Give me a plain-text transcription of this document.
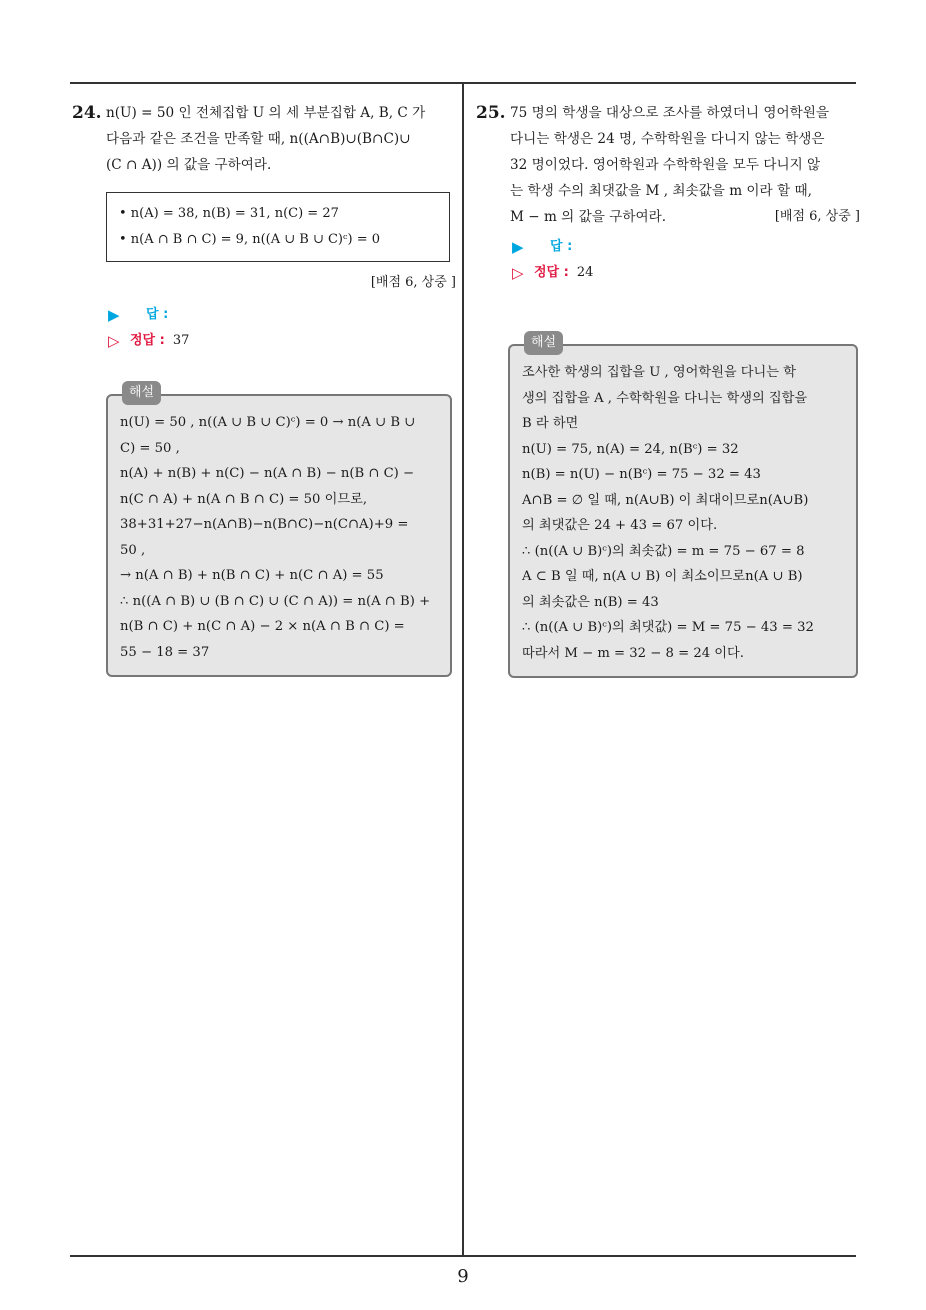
24. n(U) = 50 인 전체집합 U 의 세 부분집합 A, B, C 가
다음과 같은 조건을 만족할 때, n((A∩B)∪(B∩C)∪
(C ∩ A)) 의 값을 구하여라.
• n(A) = 38, n(B) = 31, n(C) = 27
• n(A ∩ B ∩ C) = 9, n((A ∪ B ∪ C)ᶜ) = 0
[배점 6, 상중 ]
▶	답 :
▷ 정답 : 37
n(U) = 50 , n((A ∪ B ∪ C)ᶜ) = 0 → n(A ∪ B ∪
C) = 50 ,
n(A) + n(B) + n(C) − n(A ∩ B) − n(B ∩ C) −
n(C ∩ A) + n(A ∩ B ∩ C) = 50 이므로,
38+31+27−n(A∩B)−n(B∩C)−n(C∩A)+9 =
50 ,
→ n(A ∩ B) + n(B ∩ C) + n(C ∩ A) = 55
∴ n((A ∩ B) ∪ (B ∩ C) ∪ (C ∩ A)) = n(A ∩ B) +
n(B ∩ C) + n(C ∩ A) − 2 × n(A ∩ B ∩ C) =
55 − 18 = 37
해설
25. 75 명의 학생을 대상으로 조사를 하였더니 영어학원을
다니는 학생은 24 명, 수학학원을 다니지 않는 학생은
32 명이었다. 영어학원과 수학학원을 모두 다니지 않
는 학생 수의 최댓값을 M , 최솟값을 m 이라 할 때,
M − m 의 값을 구하여라.	[배점 6, 상중 ]
▶	답 :
▷ 정답 : 24
조사한 학생의 집합을 U , 영어학원을 다니는 학
생의 집합을 A , 수학학원을 다니는 학생의 집합을
B 라 하면
n(U) = 75, n(A) = 24, n(Bᶜ) = 32
n(B) = n(U) − n(Bᶜ) = 75 − 32 = 43
A∩B = ∅ 일 때, n(A∪B) 이 최대이므로n(A∪B)
의 최댓값은 24 + 43 = 67 이다.
∴ (n((A ∪ B)ᶜ)의 최솟값) = m = 75 − 67 = 8
A ⊂ B 일 때, n(A ∪ B) 이 최소이므로n(A ∪ B)
의 최솟값은 n(B) = 43
∴ (n((A ∪ B)ᶜ)의 최댓값) = M = 75 − 43 = 32
따라서 M − m = 32 − 8 = 24 이다.
해설
9
